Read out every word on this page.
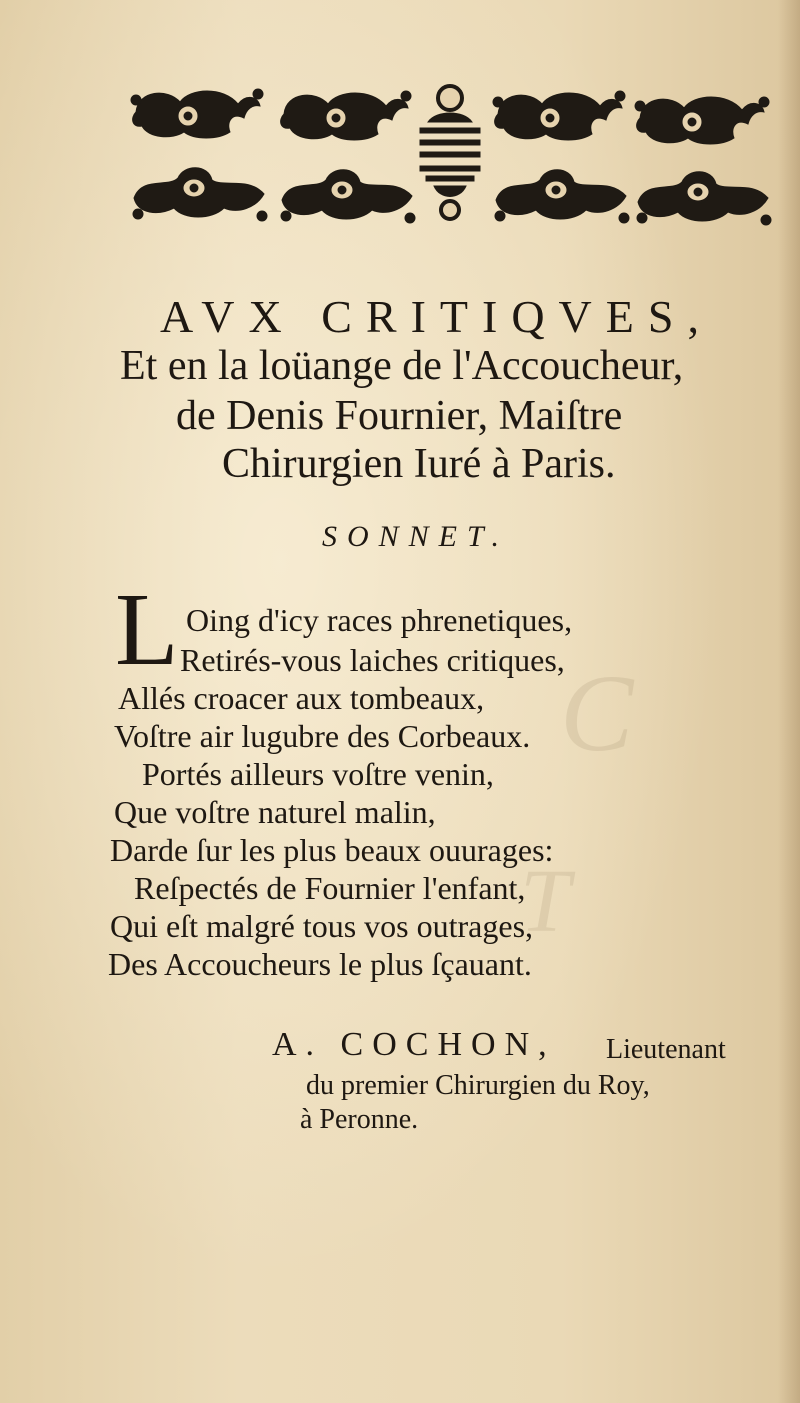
T
C
AVX CRITIQVES,
Et en la loüange de l'Accoucheur,
de Denis Fournier, Maiſtre
Chirurgien Iuré à Paris.
SONNET.
L Oing d'icy races phrenetiques,
Retirés-vous laiches critiques,
Allés croacer aux tombeaux,
Voſtre air lugubre des Corbeaux.
Portés ailleurs voſtre venin,
Que voſtre naturel malin,
Darde ſur les plus beaux ouurages:
Reſpectés de Fournier l'enfant,
Qui eſt malgré tous vos outrages,
Des Accoucheurs le plus ſçauant.
A. COCHON, Lieutenant
du premier Chirurgien du Roy,
à Peronne.
